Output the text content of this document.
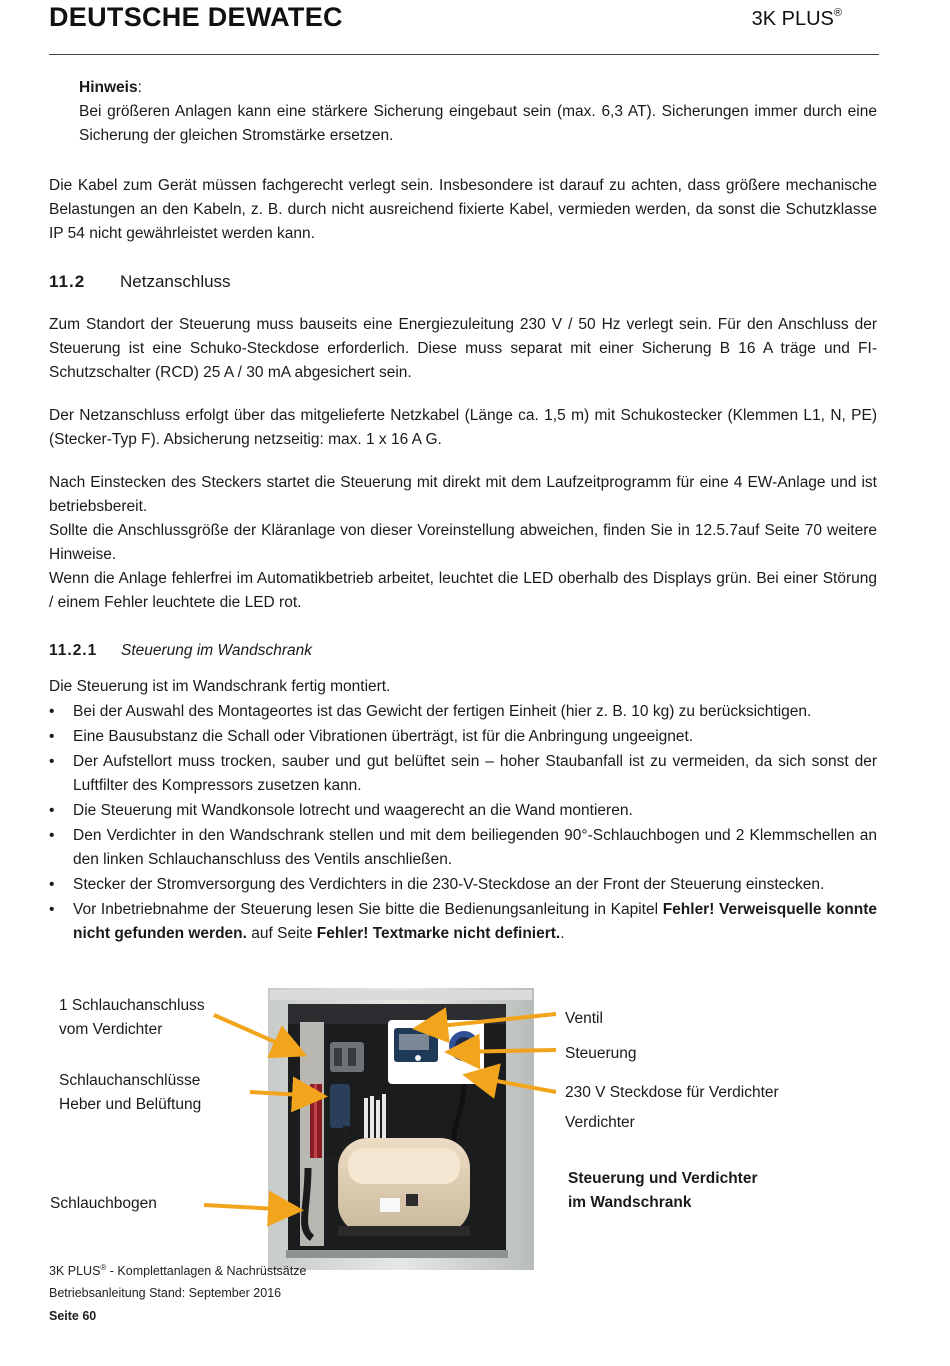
DEUTSCHE DEWATEC	3K PLUS®
Hinweis:
Bei größeren Anlagen kann eine stärkere Sicherung eingebaut sein (max. 6,3 AT). Sicherungen immer durch eine Sicherung der gleichen Stromstärke ersetzen.
Die Kabel zum Gerät müssen fachgerecht verlegt sein. Insbesondere ist darauf zu achten, dass größere mechanische Belastungen an den Kabeln, z. B. durch nicht ausreichend fixierte Kabel, vermieden werden, da sonst die Schutzklasse IP 54 nicht gewährleistet werden kann.
11.2 Netzanschluss
Zum Standort der Steuerung muss bauseits eine Energiezuleitung 230 V / 50 Hz verlegt sein. Für den Anschluss der Steuerung ist eine Schuko-Steckdose erforderlich. Diese muss separat mit einer Sicherung B 16 A träge und FI-Schutzschalter (RCD) 25 A / 30 mA abgesichert sein.
Der Netzanschluss erfolgt über das mitgelieferte Netzkabel (Länge ca. 1,5 m) mit Schukostecker (Klemmen L1, N, PE) (Stecker-Typ F). Absicherung netzseitig: max. 1 x 16 A G.
Nach Einstecken des Steckers startet die Steuerung mit direkt mit dem Laufzeitprogramm für eine 4 EW-Anlage und ist betriebsbereit.
Sollte die Anschlussgröße der Kläranlage von dieser Voreinstellung abweichen, finden Sie in 12.5.7auf Seite 70 weitere Hinweise.
Wenn die Anlage fehlerfrei im Automatikbetrieb arbeitet, leuchtet die LED oberhalb des Displays grün. Bei einer Störung / einem Fehler leuchtete die LED rot.
11.2.1 Steuerung im Wandschrank
Die Steuerung ist im Wandschrank fertig montiert.
• Bei der Auswahl des Montageortes ist das Gewicht der fertigen Einheit (hier z. B. 10 kg) zu berücksichtigen.
• Eine Bausubstanz die Schall oder Vibrationen überträgt, ist für die Anbringung ungeeignet.
• Der Aufstellort muss trocken, sauber und gut belüftet sein – hoher Staubanfall ist zu vermeiden, da sich sonst der Luftfilter des Kompressors zusetzen kann.
• Die Steuerung mit Wandkonsole lotrecht und waagerecht an die Wand montieren.
• Den Verdichter in den Wandschrank stellen und mit dem beiliegenden 90°-Schlauchbogen und 2 Klemmschellen an den linken Schlauchanschluss des Ventils anschließen.
• Stecker der Stromversorgung des Verdichters in die 230-V-Steckdose an der Front der Steuerung einstecken.
• Vor Inbetriebnahme der Steuerung lesen Sie bitte die Bedienungsanleitung in Kapitel Fehler! Verweisquelle konnte nicht gefunden werden. auf Seite Fehler! Textmarke nicht definiert..
1 Schlauchanschluss
vom Verdichter
Schlauchanschlüsse
Heber und Belüftung
Schlauchbogen
Ventil
Steuerung
230 V Steckdose für Verdichter
Verdichter
Steuerung und Verdichter
im Wandschrank
3K PLUS® - Komplettanlagen & Nachrüstsätze
Betriebsanleitung Stand: September 2016
Seite 60
